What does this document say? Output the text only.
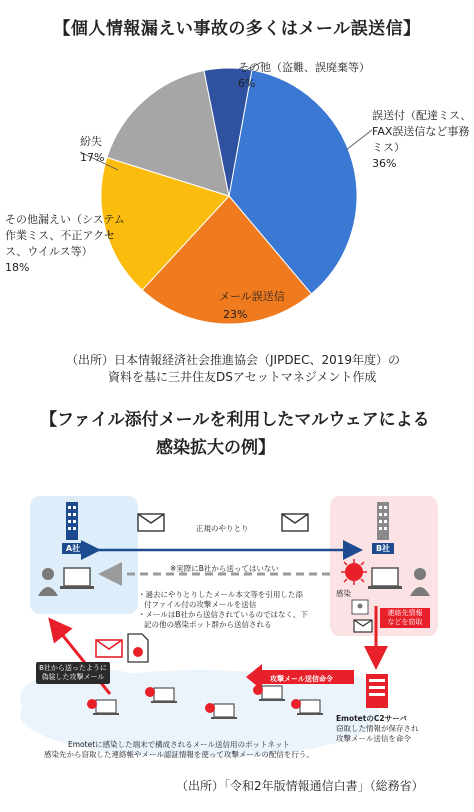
【個人情報漏えい事故の多くはメール誤送信】
その他（盗難、誤廃棄等）
6%
誤送付（配達ミス、
FAX誤送信など事務
ミス）
36%
紛失
17%
その他漏えい（システム
作業ミス、不正アクセ
ス、ウイルス等）
18%
メール誤送信
23%
（出所）日本情報経済社会推進協会（JIPDEC、2019年度）の
資料を基に三井住友DSアセットマネジメント作成
【ファイル添付メールを利用したマルウェアによる
感染拡大の例】
A社	B社
正規のやりとり
※実際にB社から送ってはいない
・過去にやりとりしたメール本文等を引用した添
付ファイル付の攻撃メールを送信
・メールはB社から送信されているのではなく、下
記の他の感染ボット群から送信される
感染
連絡先情報
などを窃取
攻撃メール送信命令
B社から送ったように
偽装した攻撃メール
EmotetのC2サーバ
窃取した情報が保存され
攻撃メール送信を命令
Emotetに感染した端末で構成されるメール送信用のボットネット
感染先から窃取した連絡帳やメール認証情報を使って攻撃メールの配信を行う。
（出所）「令和2年版情報通信白書」（総務省）
